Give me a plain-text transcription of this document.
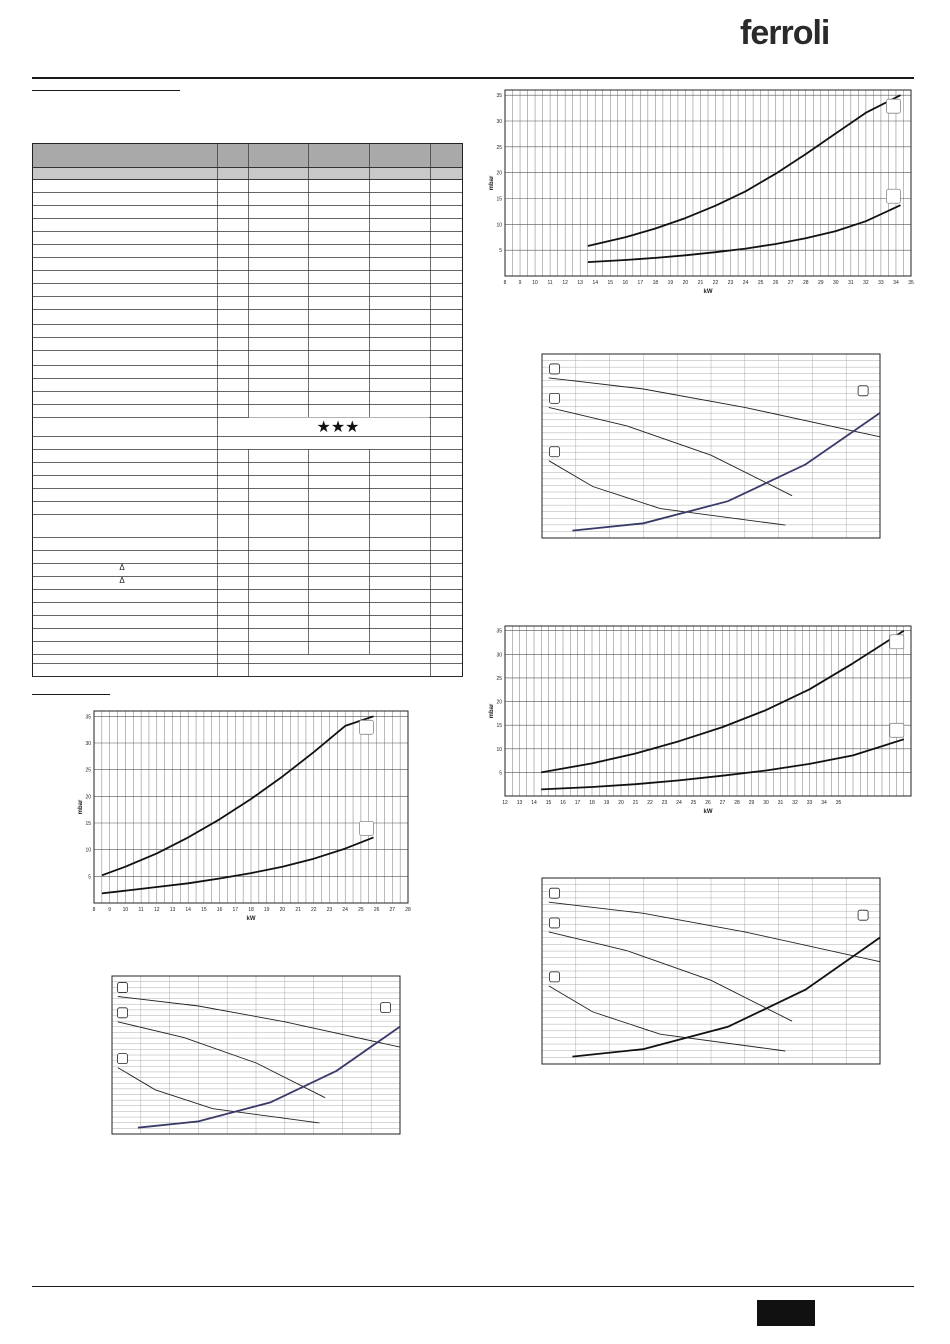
ferroli
★★★
Δ
Δ
8 9 10 11 12 13 14 15 16 17 18 19 20 21 22 23 24 25 26 27 28 29 30 31 32 33 34 35
5
10
15
20
25
30
35
kW
mbar
8	9 10 11 12 13 14 15 16 17 18 19 20 21 22 23 24 25 26 27 28
5
10
15
20
25
30
35
kW
mbar	12 13 14 15 16 17 18 19 20 21 22 23 24 25 26 27 28 29 30 31 32 33 34 35
5
10
15
20
25
30
35
kW
mbar
